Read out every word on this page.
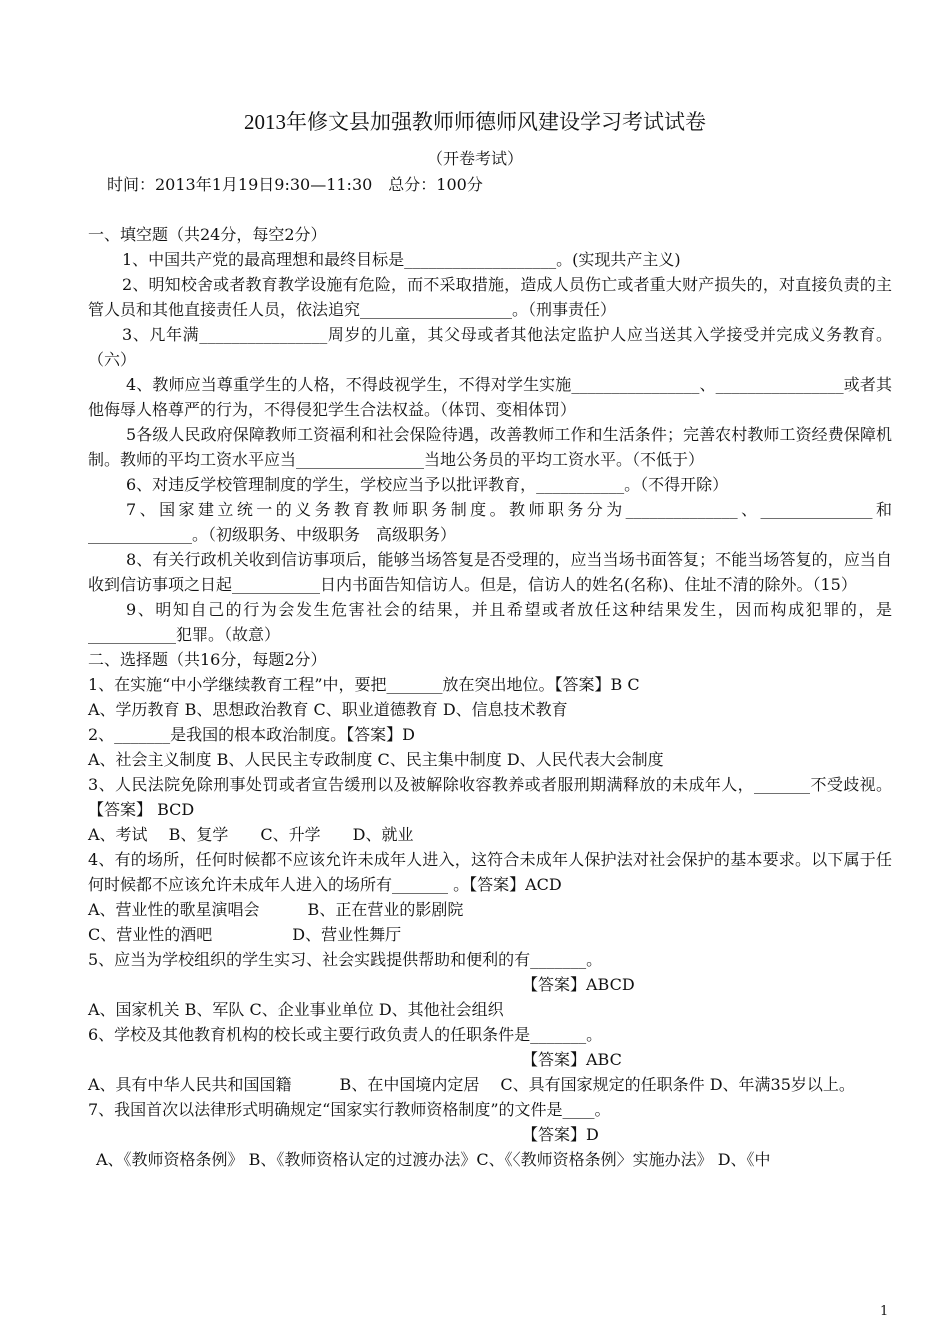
2013年修文县加强教师师德师风建设学习考试试卷
（开卷考试）
时间：2013年1月19日9:30—11:30　总分：100分

一、填空题（共24分，每空2分）

1、中国共产党的最高理想和最终目标是___________________。(实现共产主义)

2、明知校舍或者教育教学设施有危险，而不采取措施，造成人员伤亡或者重大财产损失的，对直接负责的主管人员和其他直接责任人员，依法追究___________________。（刑事责任）

3、凡年满________________周岁的儿童，其父母或者其他法定监护人应当送其入学接受并完成义务教育。（六）

4、教师应当尊重学生的人格，不得歧视学生，不得对学生实施________________、________________或者其他侮辱人格尊严的行为，不得侵犯学生合法权益。（体罚、变相体罚）

5各级人民政府保障教师工资福利和社会保险待遇，改善教师工作和生活条件；完善农村教师工资经费保障机制。教师的平均工资水平应当________________当地公务员的平均工资水平。（不低于）

6、对违反学校管理制度的学生，学校应当予以批评教育，___________。（不得开除）

7、国家建立统一的义务教育教师职务制度。教师职务分为______________、______________和_____________。（初级职务、中级职务　高级职务）

8、有关行政机关收到信访事项后，能够当场答复是否受理的，应当当场书面答复；不能当场答复的，应当自收到信访事项之日起___________日内书面告知信访人。但是，信访人的姓名(名称)、住址不清的除外。（15）

9、明知自己的行为会发生危害社会的结果，并且希望或者放任这种结果发生，因而构成犯罪的，是___________犯罪。（故意）

二、选择题（共16分，每题2分）

1、在实施“中小学继续教育工程”中，要把_______放在突出地位。【答案】B C

A、学历教育 B、思想政治教育 C、职业道德教育 D、信息技术教育

2、_______是我国的根本政治制度。【答案】D

A、社会主义制度 B、人民民主专政制度 C、民主集中制度 D、人民代表大会制度

3、人民法院免除刑事处罚或者宣告缓刑以及被解除收容教养或者服刑期满释放的未成年人，_______不受歧视。【答案】 BCD

A、考试　 B、复学　　C、升学　　D、就业

4、有的场所，任何时候都不应该允许未成年人进入，这符合未成年人保护法对社会保护的基本要求。以下属于任何时候都不应该允许未成年人进入的场所有_______ 。【答案】ACD

A、营业性的歌星演唱会　　　B、正在营业的影剧院

C、营业性的酒吧　　　　　D、营业性舞厅

5、应当为学校组织的学生实习、社会实践提供帮助和便利的有_______。

【答案】ABCD

A、国家机关 B、军队 C、企业事业单位 D、其他社会组织

6、学校及其他教育机构的校长或主要行政负责人的任职条件是_______。

【答案】ABC

A、具有中华人民共和国国籍　　　B、在中国境内定居　 C、具有国家规定的任职条件 D、年满35岁以上。

7、我国首次以法律形式明确规定“国家实行教师资格制度”的文件是____。

【答案】D

A、《教师资格条例》 B、《教师资格认定的过渡办法》C、《〈教师资格条例〉实施办法》 D、《中

1
